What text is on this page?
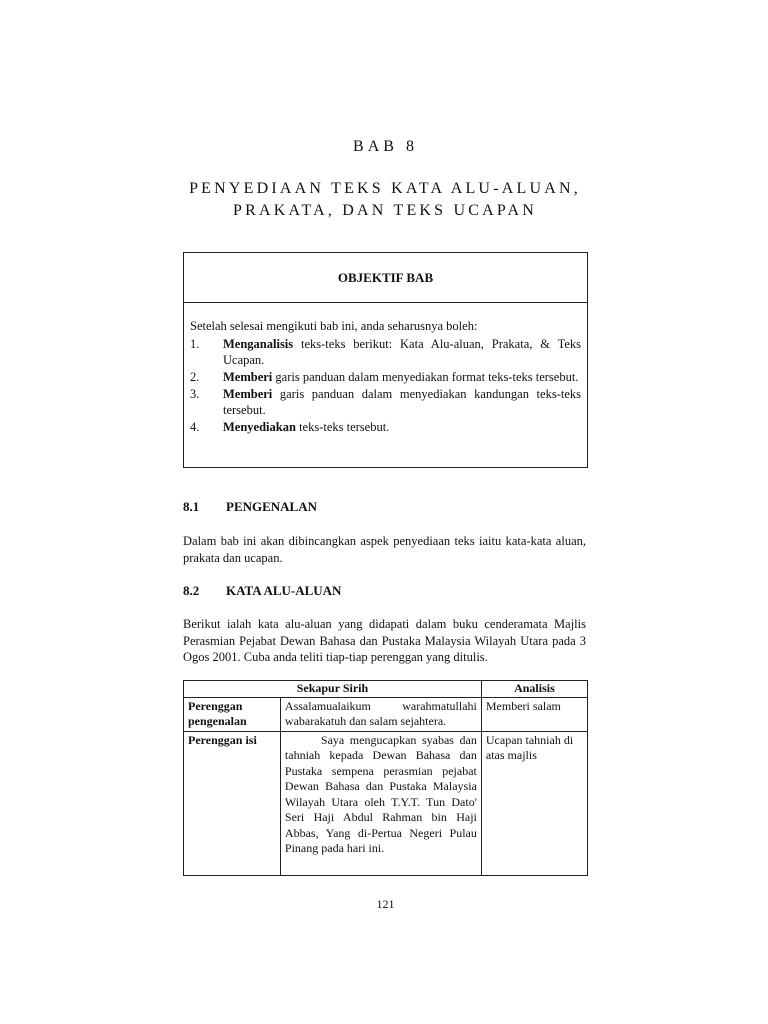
BAB 8
PENYEDIAAN TEKS KATA ALU-ALUAN,
PRAKATA, DAN TEKS UCAPAN
OBJEKTIF BAB
Setelah selesai mengikuti bab ini, anda seharusnya boleh:
1.	Menganalisis teks-teks berikut: Kata Alu-aluan, Prakata, & Teks Ucapan.
2.	Memberi garis panduan dalam menyediakan format teks-teks tersebut.
3.	Memberi garis panduan dalam menyediakan kandungan teks-teks tersebut.
4.	Menyediakan teks-teks tersebut.
8.1 PENGENALAN
Dalam bab ini akan dibincangkan aspek penyediaan teks iaitu kata-kata aluan, prakata dan ucapan.
8.2 KATA ALU-ALUAN
Berikut ialah kata alu-aluan yang didapati dalam buku cenderamata Majlis Perasmian Pejabat Dewan Bahasa dan Pustaka Malaysia Wilayah Utara pada 3 Ogos 2001. Cuba anda teliti tiap-tiap perenggan yang ditulis.
Sekapur Sirih		Analisis
Perenggan pengenalan	Assalamualaikum warahmatullahi wabarakatuh dan salam sejahtera.	Memberi salam
Perenggan isi	Saya mengucapkan syabas dan tahniah kepada Dewan Bahasa dan Pustaka sempena perasmian pejabat Dewan Bahasa dan Pustaka Malaysia Wilayah Utara oleh T.Y.T. Tun Dato' Seri Haji Abdul Rahman bin Haji Abbas, Yang di-Pertua Negeri Pulau Pinang pada hari ini.	Ucapan tahniah di atas majlis
121
